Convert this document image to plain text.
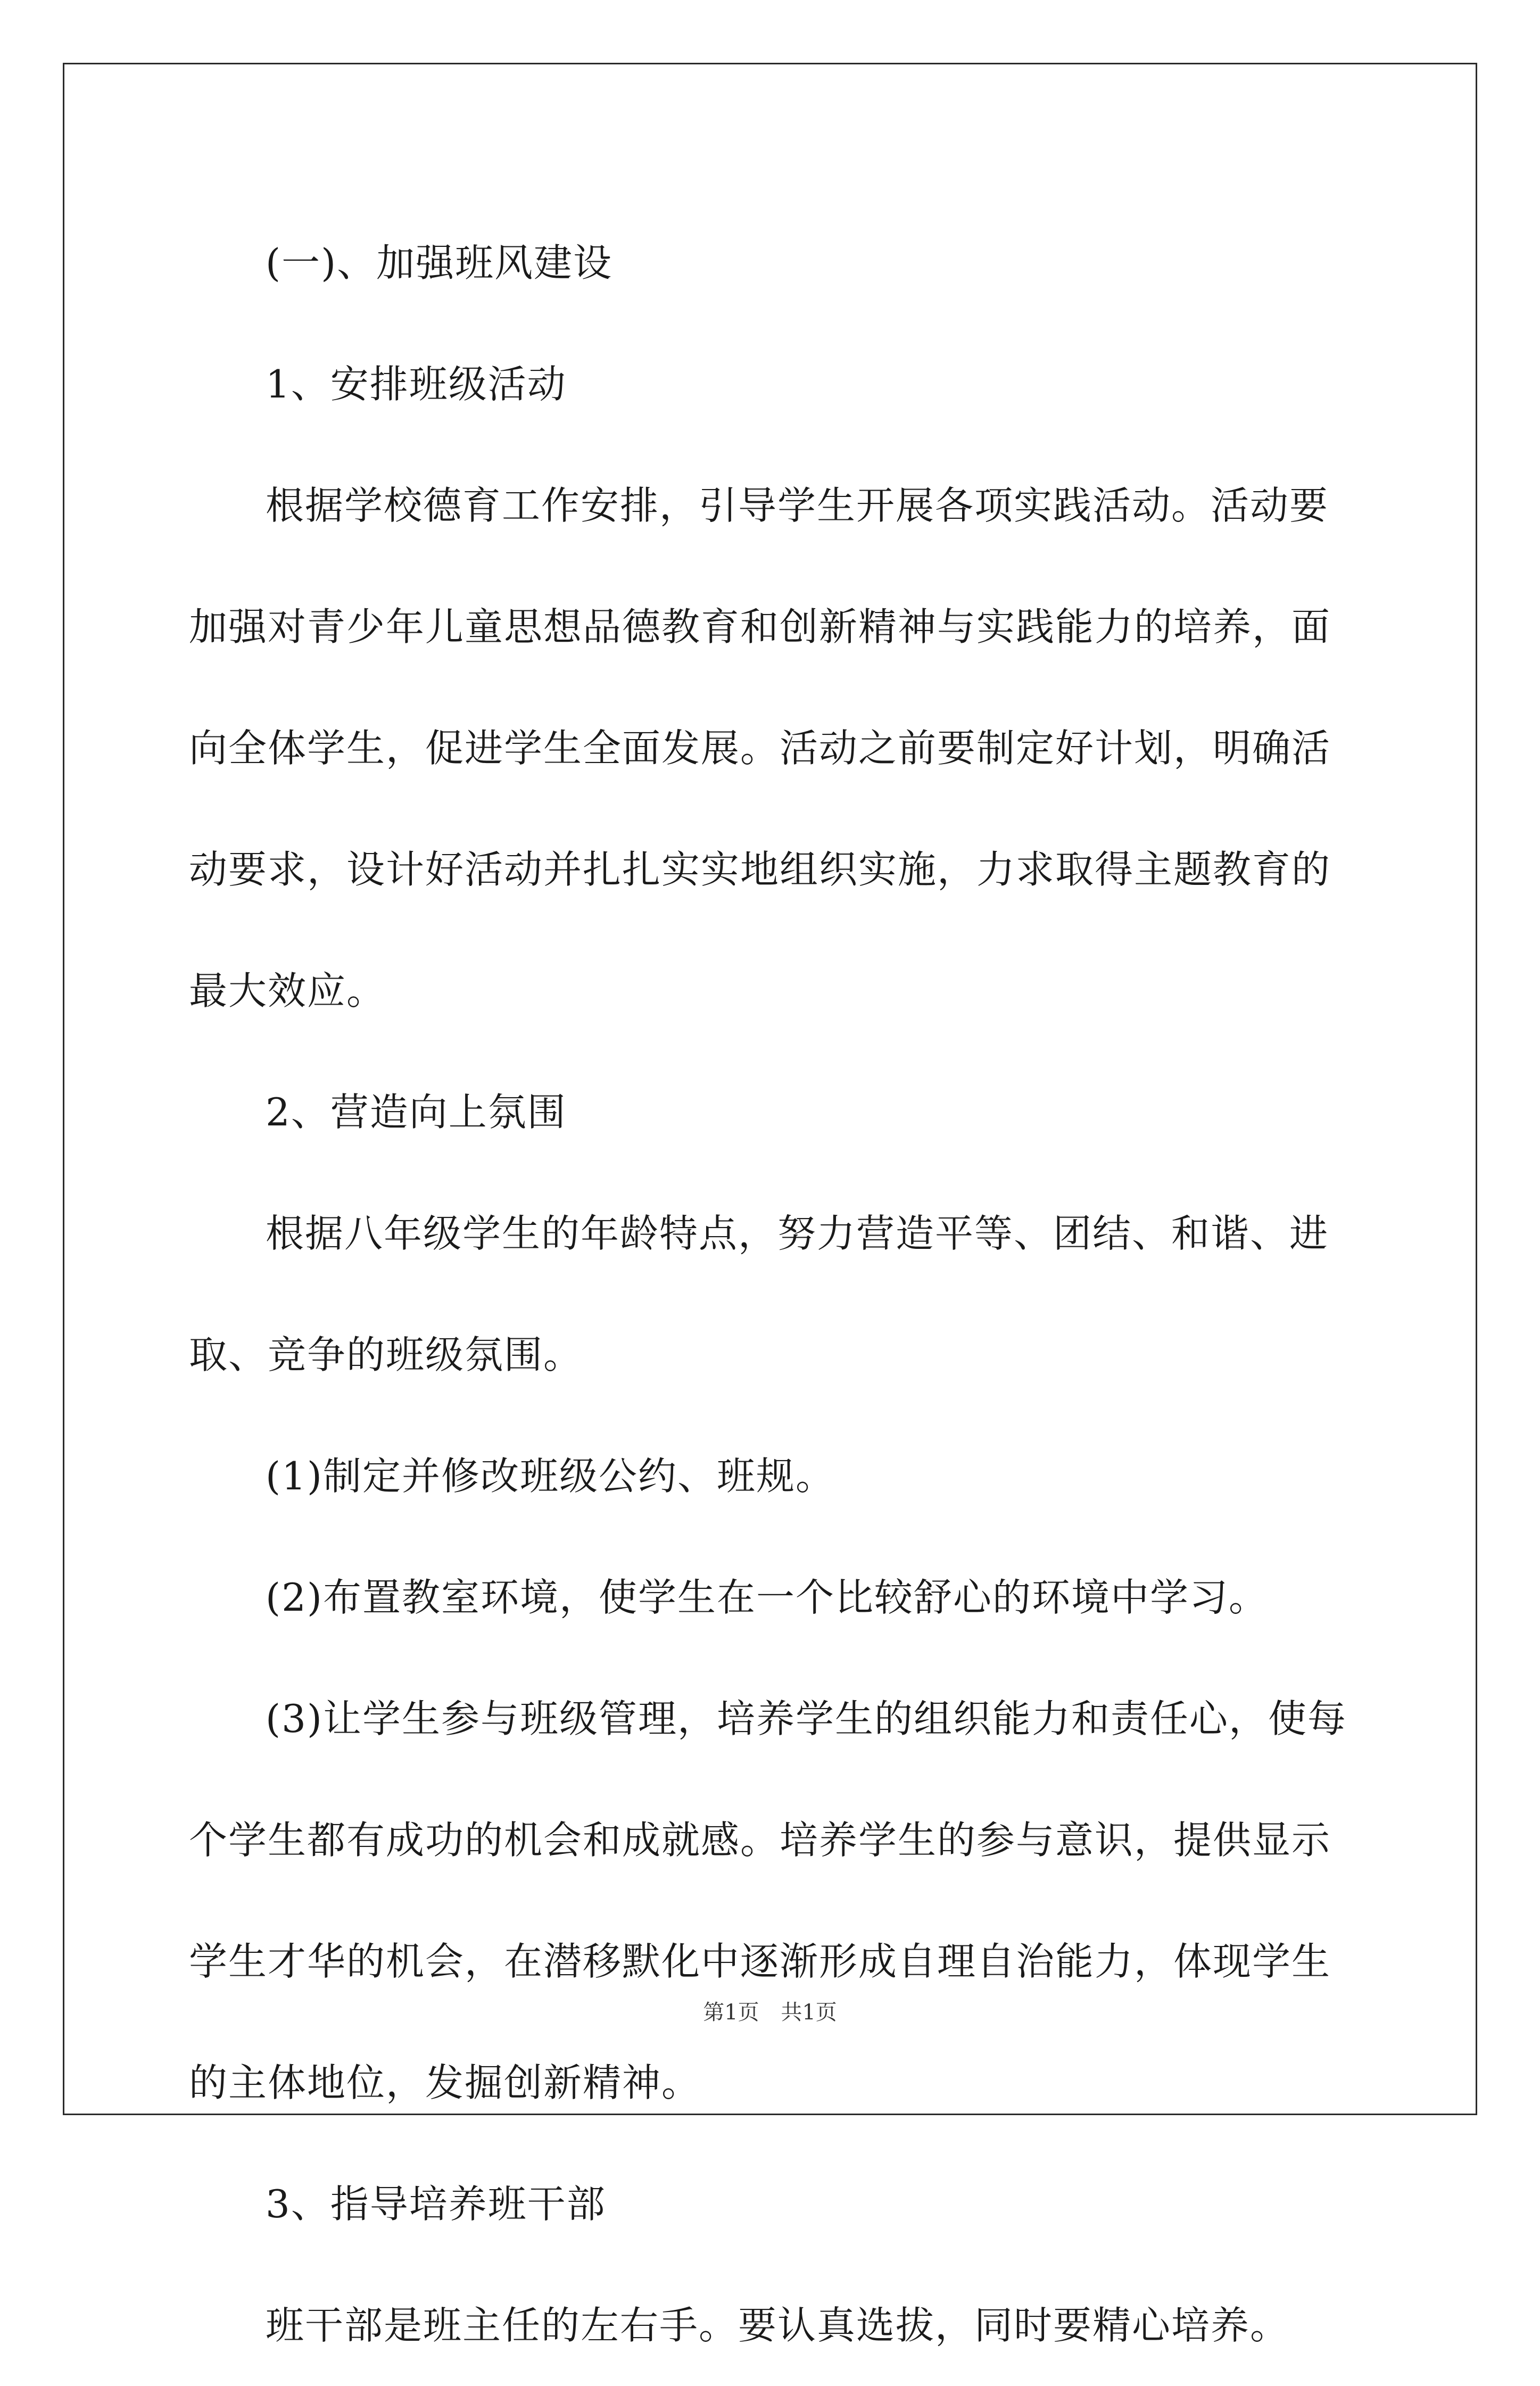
(一)、加强班风建设

1、安排班级活动

根据学校德育工作安排，引导学生开展各项实践活动。活动要加强对青少年儿童思想品德教育和创新精神与实践能力的培养，面向全体学生，促进学生全面发展。活动之前要制定好计划，明确活动要求，设计好活动并扎扎实实地组织实施，力求取得主题教育的最大效应。

2、营造向上氛围

根据八年级学生的年龄特点，努力营造平等、团结、和谐、进取、竞争的班级氛围。

(1)制定并修改班级公约、班规。

(2)布置教室环境，使学生在一个比较舒心的环境中学习。

(3)让学生参与班级管理，培养学生的组织能力和责任心，使每个学生都有成功的机会和成就感。培养学生的参与意识，提供显示学生才华的机会，在潜移默化中逐渐形成自理自治能力，体现学生的主体地位，发掘创新精神。

3、指导培养班干部

班干部是班主任的左右手。要认真选拔，同时要精心培养。

第1页 共1页
